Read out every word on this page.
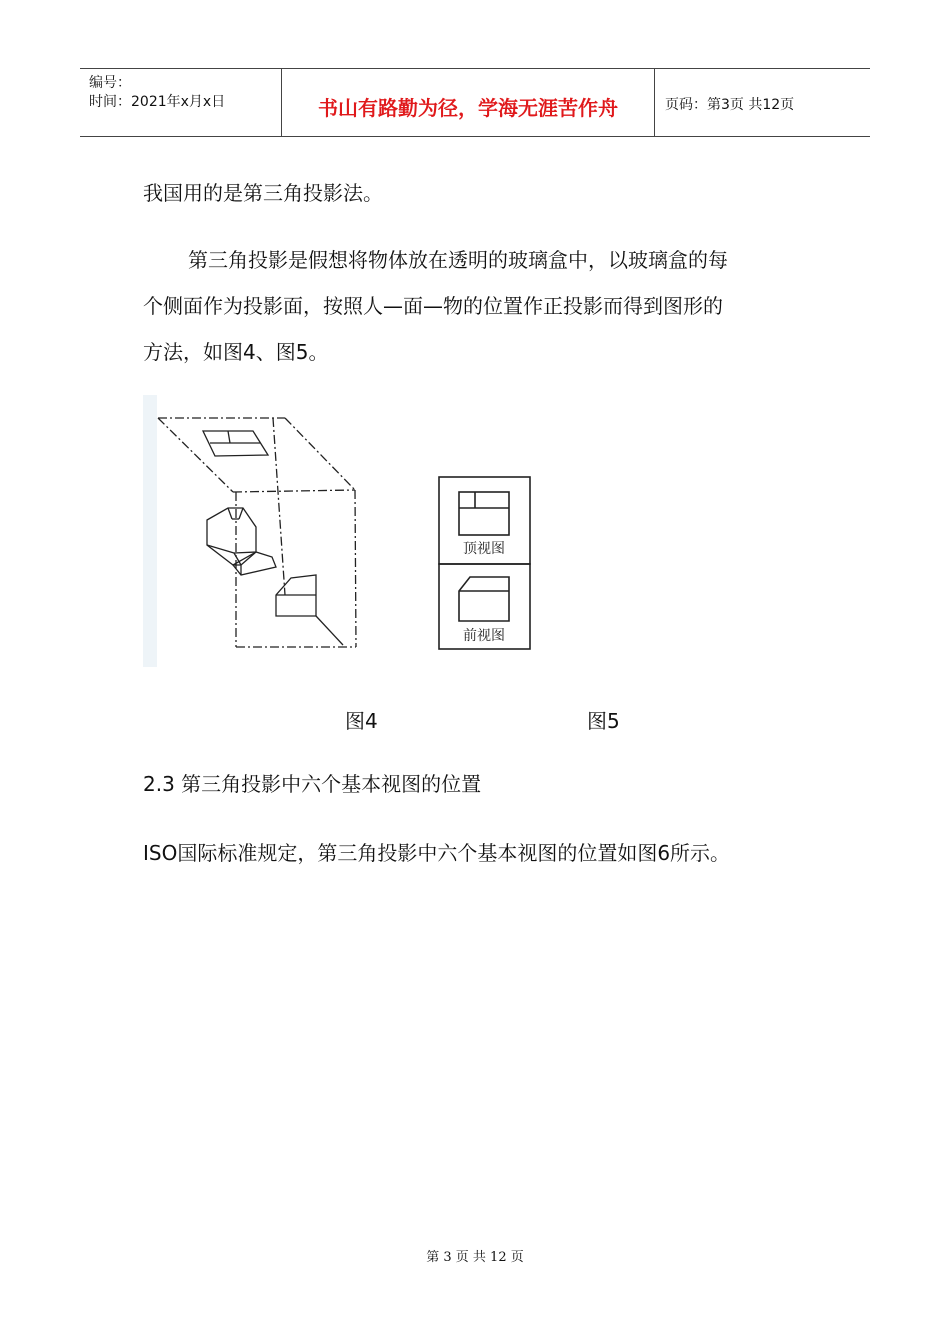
编号：
时间：2021年x月x日	书山有路勤为径，学海无涯苦作舟	页码：第3页 共12页
我国用的是第三角投影法。
第三角投影是假想将物体放在透明的玻璃盒中，以玻璃盒的每
个侧面作为投影面，按照人—面—物的位置作正投影而得到图形的
方法，如图4、图5。
顶视图
前视图
图4	图5
2.3 第三角投影中六个基本视图的位置
ISO国际标准规定，第三角投影中六个基本视图的位置如图6所示。
第 3 页 共 12 页
